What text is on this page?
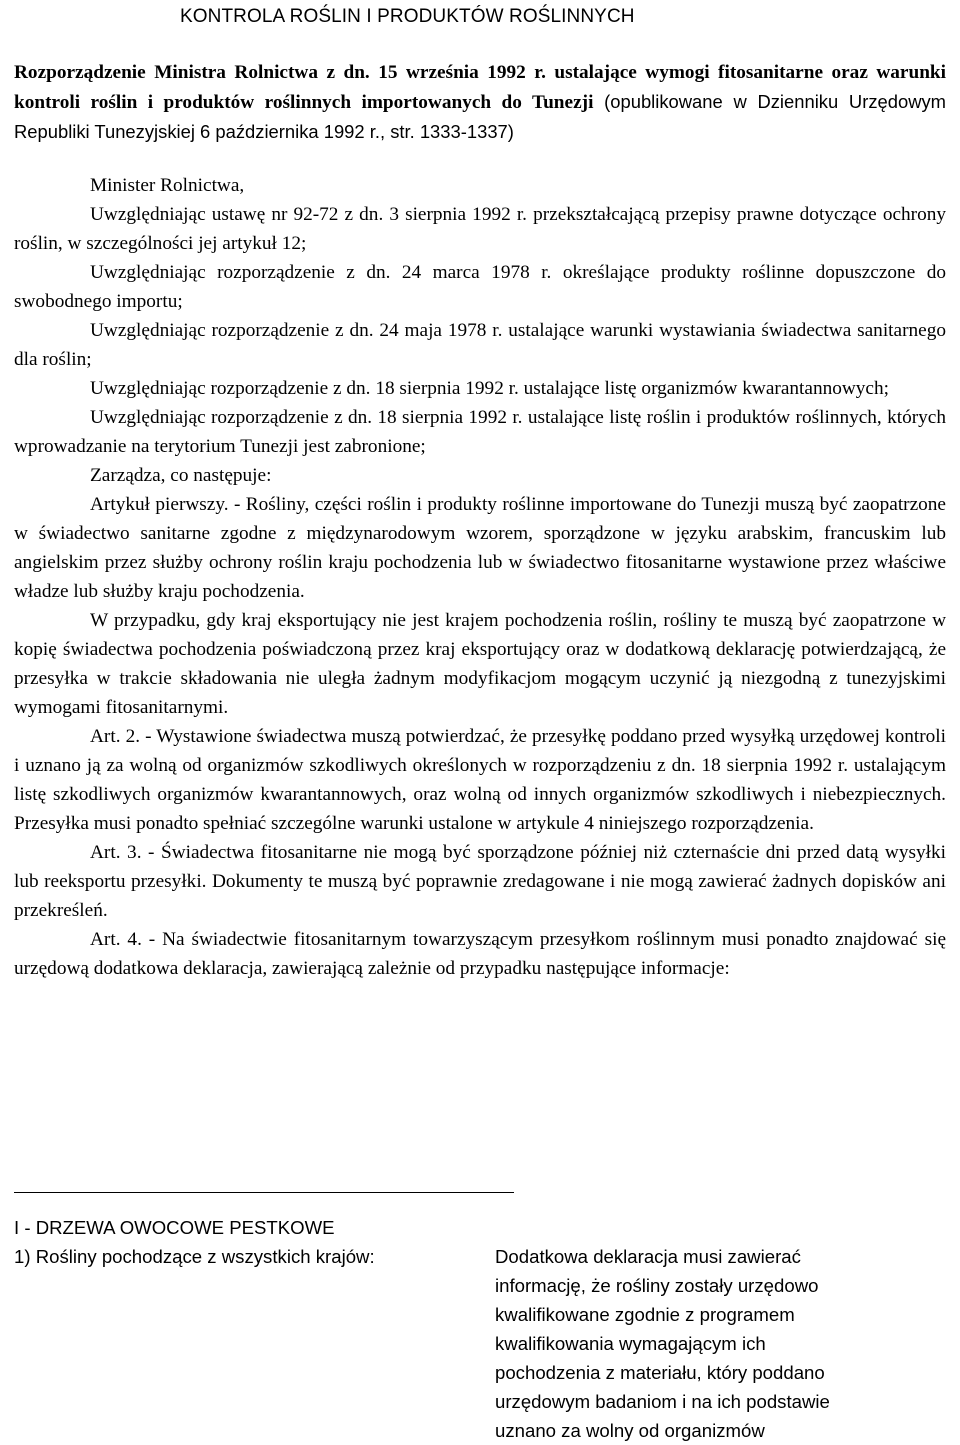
KONTROLA ROŚLIN I PRODUKTÓW ROŚLINNYCH
Rozporządzenie Ministra Rolnictwa z dn. 15 września 1992 r. ustalające wymogi fitosanitarne oraz warunki kontroli roślin i produktów roślinnych importowanych do Tunezji (opublikowane w Dzienniku Urzędowym Republiki Tunezyjskiej 6 października 1992 r., str. 1333-1337)
Minister Rolnictwa,
Uwzględniając ustawę nr 92-72 z dn. 3 sierpnia 1992 r. przekształcającą przepisy prawne dotyczące ochrony roślin, w szczególności jej artykuł 12;
Uwzględniając rozporządzenie z dn. 24 marca 1978 r. określające produkty roślinne dopuszczone do swobodnego importu;
Uwzględniając rozporządzenie z dn. 24 maja 1978 r. ustalające warunki wystawiania świadectwa sanitarnego dla roślin;
Uwzględniając rozporządzenie z dn. 18 sierpnia 1992 r. ustalające listę organizmów kwarantannowych;
Uwzględniając rozporządzenie z dn. 18 sierpnia 1992 r. ustalające listę roślin i produktów roślinnych, których wprowadzanie na terytorium Tunezji jest zabronione;
Zarządza, co następuje:
Artykuł pierwszy. - Rośliny, części roślin i produkty roślinne importowane do Tunezji muszą być zaopatrzone w świadectwo sanitarne zgodne z międzynarodowym wzorem, sporządzone w języku arabskim, francuskim lub angielskim przez służby ochrony roślin kraju pochodzenia lub w świadectwo fitosanitarne wystawione przez właściwe władze lub służby kraju pochodzenia.
W przypadku, gdy kraj eksportujący nie jest krajem pochodzenia roślin, rośliny te muszą być zaopatrzone w kopię świadectwa pochodzenia poświadczoną przez kraj eksportujący oraz w dodatkową deklarację potwierdzającą, że przesyłka w trakcie składowania nie uległa żadnym modyfikacjom mogącym uczynić ją niezgodną z tunezyjskimi wymogami fitosanitarnymi.
Art. 2. - Wystawione świadectwa muszą potwierdzać, że przesyłkę poddano przed wysyłką urzędowej kontroli i uznano ją za wolną od organizmów szkodliwych określonych w rozporządzeniu z dn. 18 sierpnia 1992 r. ustalającym listę szkodliwych organizmów kwarantannowych, oraz wolną od innych organizmów szkodliwych i niebezpiecznych. Przesyłka musi ponadto spełniać szczególne warunki ustalone w artykule 4 niniejszego rozporządzenia.
Art. 3. - Świadectwa fitosanitarne nie mogą być sporządzone później niż czternaście dni przed datą wysyłki lub reeksportu przesyłki. Dokumenty te muszą być poprawnie zredagowane i nie mogą zawierać żadnych dopisków ani przekreśleń.
Art. 4. - Na świadectwie fitosanitarnym towarzyszącym przesyłkom roślinnym musi ponadto znajdować się urzędową dodatkowa deklaracja, zawierającą zależnie od przypadku następujące informacje:
I - DRZEWA OWOCOWE PESTKOWE
1) Rośliny pochodzące z wszystkich krajów:	Dodatkowa deklaracja musi zawierać
informację, że rośliny zostały urzędowo
kwalifikowane zgodnie z programem
kwalifikowania wymagającym ich
pochodzenia z materiału, który poddano
urzędowym badaniom i na ich podstawie
uznano za wolny od organizmów
